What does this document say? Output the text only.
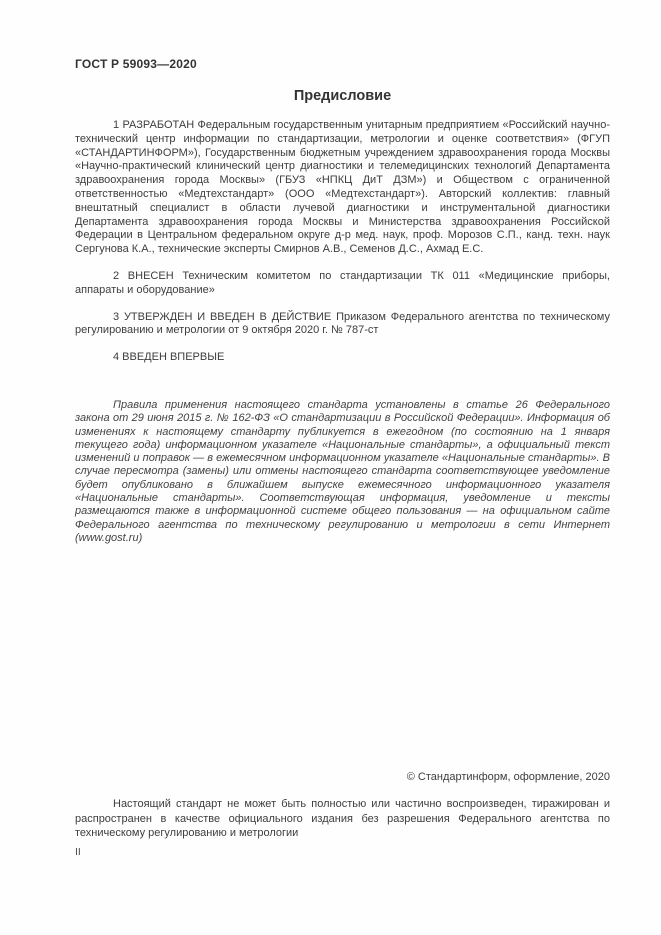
ГОСТ Р 59093—2020
Предисловие

1 РАЗРАБОТАН Федеральным государственным унитарным предприятием «Российский научно-технический центр информации по стандартизации, метрологии и оценке соответствия» (ФГУП «СТАНДАРТИНФОРМ»), Государственным бюджетным учреждением здравоохранения города Москвы «Научно-практический клинический центр диагностики и телемедицинских технологий Департамента здравоохранения города Москвы» (ГБУЗ «НПКЦ ДиТ ДЗМ») и Обществом с ограниченной ответственностью «Медтехстандарт» (ООО «Медтехстандарт»). Авторский коллектив: главный внештатный специалист в области лучевой диагностики и инструментальной диагностики Департамента здравоохранения города Москвы и Министерства здравоохранения Российской Федерации в Центральном федеральном округе д-р мед. наук, проф. Морозов С.П., канд. техн. наук Сергунова К.А., технические эксперты Смирнов А.В., Семенов Д.С., Ахмад Е.С.

2 ВНЕСЕН Техническим комитетом по стандартизации ТК 011 «Медицинские приборы, аппараты и оборудование»

3 УТВЕРЖДЕН И ВВЕДЕН В ДЕЙСТВИЕ Приказом Федерального агентства по техническому регулированию и метрологии от 9 октября 2020 г. № 787-ст

4 ВВЕДЕН ВПЕРВЫЕ

Правила применения настоящего стандарта установлены в статье 26 Федерального закона от 29 июня 2015 г. № 162-ФЗ «О стандартизации в Российской Федерации». Информация об изменениях к настоящему стандарту публикуется в ежегодном (по состоянию на 1 января текущего года) информационном указателе «Национальные стандарты», а официальный текст изменений и поправок — в ежемесячном информационном указателе «Национальные стандарты». В случае пересмотра (замены) или отмены настоящего стандарта соответствующее уведомление будет опубликовано в ближайшем выпуске ежемесячного информационного указателя «Национальные стандарты». Соответствующая информация, уведомление и тексты размещаются также в информационной системе общего пользования — на официальном сайте Федерального агентства по техническому регулированию и метрологии в сети Интернет (www.gost.ru)

© Стандартинформ, оформление, 2020

Настоящий стандарт не может быть полностью или частично воспроизведен, тиражирован и распространен в качестве официального издания без разрешения Федерального агентства по техническому регулированию и метрологии

II
